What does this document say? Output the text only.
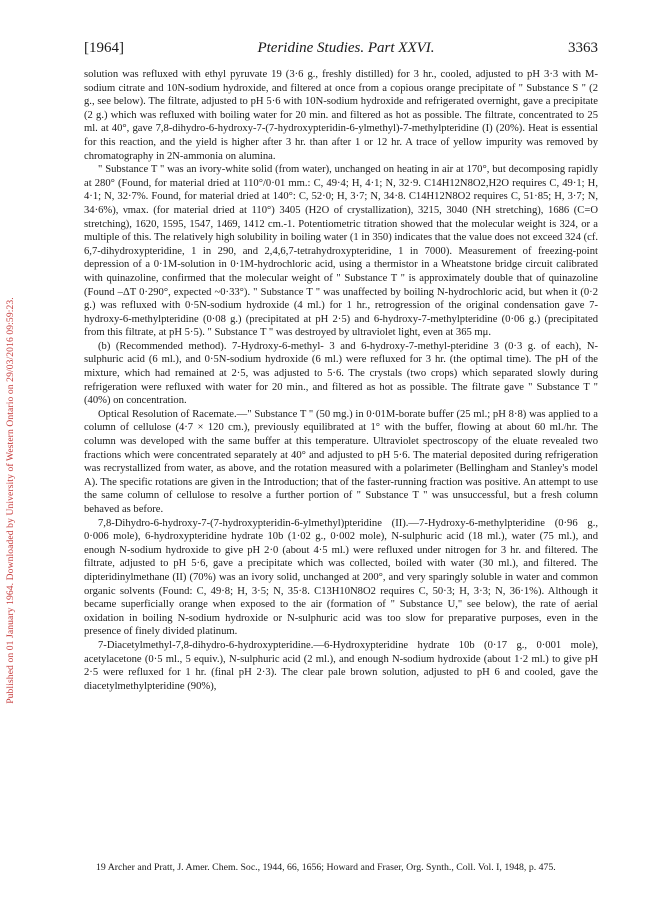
Published on 01 January 1964. Downloaded by University of Western Ontario on 29/03/2016 09:59:23.
[1964]	Pteridine Studies. Part XXVI.	3363

solution was refluxed with ethyl pyruvate 19 (3·6 g., freshly distilled) for 3 hr., cooled, adjusted to pH 3·3 with M-sodium citrate and 10N-sodium hydroxide, and filtered at once from a copious orange precipitate of " Substance S " (2 g., see below). The filtrate, adjusted to pH 5·6 with 10N-sodium hydroxide and refrigerated overnight, gave a precipitate (2 g.) which was refluxed with boiling water for 20 min. and filtered as hot as possible. The filtrate, concentrated to 25 ml. at 40°, gave 7,8-dihydro-6-hydroxy-7-(7-hydroxypteridin-6-ylmethyl)-7-methylpteridine (I) (20%). Heat is essential for this reaction, and the yield is higher after 3 hr. than after 1 or 12 hr. A trace of yellow impurity was removed by chromatography in 2N-ammonia on alumina.

" Substance T " was an ivory-white solid (from water), unchanged on heating in air at 170°, but decomposing rapidly at 280° (Found, for material dried at 110°/0·01 mm.: C, 49·4; H, 4·1; N, 32·9. C14H12N8O2,H2O requires C, 49·1; H, 4·1; N, 32·7%. Found, for material dried at 140°: C, 52·0; H, 3·7; N, 34·8. C14H12N8O2 requires C, 51·85; H, 3·7; N, 34·6%), νmax. (for material dried at 110°) 3405 (H2O of crystallization), 3215, 3040 (NH stretching), 1686 (C=O stretching), 1620, 1595, 1547, 1469, 1412 cm.-1. Potentiometric titration showed that the molecular weight is 324, or a multiple of this. The relatively high solubility in boiling water (1 in 350) indicates that the value does not exceed 324 (cf. 6,7-dihydroxypteridine, 1 in 290, and 2,4,6,7-tetrahydroxypteridine, 1 in 7000). Measurement of freezing-point depression of a 0·1M-solution in 0·1M-hydrochloric acid, using a thermistor in a Wheatstone bridge circuit calibrated with quinazoline, confirmed that the molecular weight of " Substance T " is approximately double that of quinazoline (Found –ΔT 0·290°, expected ~0·33°). " Substance T " was unaffected by boiling N-hydrochloric acid, but when it (0·2 g.) was refluxed with 0·5N-sodium hydroxide (4 ml.) for 1 hr., retrogression of the original condensation gave 7-hydroxy-6-methylpteridine (0·08 g.) (precipitated at pH 2·5) and 6-hydroxy-7-methylpteridine (0·06 g.) (precipitated from this filtrate, at pH 5·5). " Substance T " was destroyed by ultraviolet light, even at 365 mμ.

(b) (Recommended method). 7-Hydroxy-6-methyl- 3 and 6-hydroxy-7-methyl-pteridine 3 (0·3 g. of each), N-sulphuric acid (6 ml.), and 0·5N-sodium hydroxide (6 ml.) were refluxed for 3 hr. (the optimal time). The pH of the mixture, which had remained at 2·5, was adjusted to 5·6. The crystals (two crops) which separated slowly during refrigeration were refluxed with water for 20 min., and filtered as hot as possible. The filtrate gave " Substance T " (40%) on concentration.

Optical Resolution of Racemate.—" Substance T " (50 mg.) in 0·01M-borate buffer (25 ml.; pH 8·8) was applied to a column of cellulose (4·7 × 120 cm.), previously equilibrated at 1° with the buffer, flowing at about 60 ml./hr. The column was developed with the same buffer at this temperature. Ultraviolet spectroscopy of the eluate revealed two fractions which were concentrated separately at 40° and adjusted to pH 5·6. The material deposited during refrigeration was recrystallized from water, as above, and the rotation measured with a polarimeter (Bellingham and Stanley's model A). The specific rotations are given in the Introduction; that of the faster-running fraction was positive. An attempt to use the same column of cellulose to resolve a further portion of " Substance T " was unsuccessful, but a fresh column behaved as before.

7,8-Dihydro-6-hydroxy-7-(7-hydroxypteridin-6-ylmethyl)pteridine (II).—7-Hydroxy-6-methylpteridine (0·96 g., 0·006 mole), 6-hydroxypteridine hydrate 10b (1·02 g., 0·002 mole), N-sulphuric acid (18 ml.), water (75 ml.), and enough N-sodium hydroxide to give pH 2·0 (about 4·5 ml.) were refluxed under nitrogen for 3 hr. and filtered. The filtrate, adjusted to pH 5·6, gave a precipitate which was collected, boiled with water (30 ml.), and filtered. The dipteridinylmethane (II) (70%) was an ivory solid, unchanged at 200°, and very sparingly soluble in water and common organic solvents (Found: C, 49·8; H, 3·5; N, 35·8. C13H10N8O2 requires C, 50·3; H, 3·3; N, 36·1%). Although it became superficially orange when exposed to the air (formation of " Substance U," see below), the rate of aerial oxidation in boiling N-sodium hydroxide or N-sulphuric acid was too slow for preparative purposes, even in the presence of finely divided platinum.

7-Diacetylmethyl-7,8-dihydro-6-hydroxypteridine.—6-Hydroxypteridine hydrate 10b (0·17 g., 0·001 mole), acetylacetone (0·5 ml., 5 equiv.), N-sulphuric acid (2 ml.), and enough N-sodium hydroxide (about 1·2 ml.) to give pH 2·5 were refluxed for 1 hr. (final pH 2·3). The clear pale brown solution, adjusted to pH 6 and cooled, gave the diacetylmethylpteridine (90%),

19 Archer and Pratt, J. Amer. Chem. Soc., 1944, 66, 1656; Howard and Fraser, Org. Synth., Coll. Vol. I, 1948, p. 475.
